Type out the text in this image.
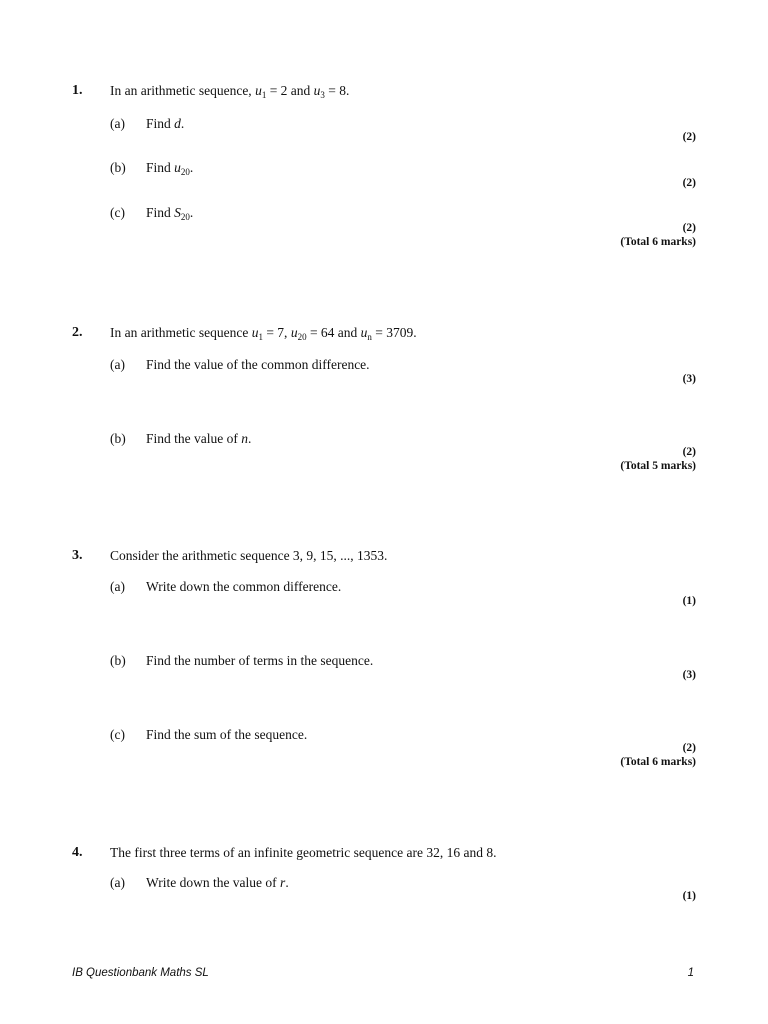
1. In an arithmetic sequence, $u_1 = 2$ and $u_3 = 8$.
(a) Find d.
(2)
(b) Find $u_{20}$.
(2)
(c) Find $S_{20}$.
(2)
(Total 6 marks)
2. In an arithmetic sequence $u_1 = 7$, $u_{20} = 64$ and $u_n = 3709$.
(a) Find the value of the common difference.
(3)
(b) Find the value of n.
(2)
(Total 5 marks)
3. Consider the arithmetic sequence 3, 9, 15, ..., 1353.
(a) Write down the common difference.
(1)
(b) Find the number of terms in the sequence.
(3)
(c) Find the sum of the sequence.
(2)
(Total 6 marks)
4. The first three terms of an infinite geometric sequence are 32, 16 and 8.
(a) Write down the value of r.
(1)
IB Questionbank Maths SL	1
